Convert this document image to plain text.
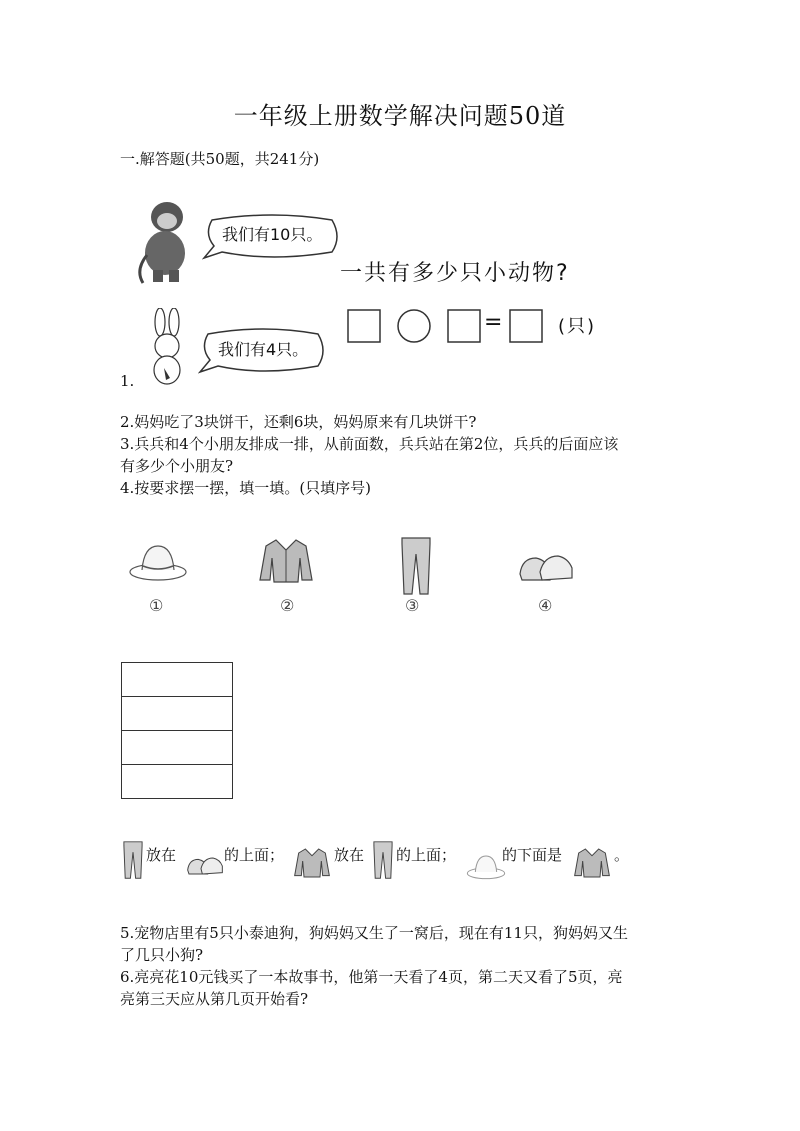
一年级上册数学解决问题50道
一.解答题(共50题，共241分)
我们有10只。
我们有4只。
一共有多少只小动物?
=	(只)
1.
2.妈妈吃了3块饼干，还剩6块，妈妈原来有几块饼干?
3.兵兵和4个小朋友排成一排，从前面数，兵兵站在第2位，兵兵的后面应该
有多少个小朋友?
4.按要求摆一摆，填一填。(只填序号)
①	②	③	④
放在	的上面；	放在 的上面；	的下面是	。
5.宠物店里有5只小泰迪狗，狗妈妈又生了一窝后，现在有11只，狗妈妈又生
了几只小狗?
6.亮亮花10元钱买了一本故事书，他第一天看了4页，第二天又看了5页，亮
亮第三天应从第几页开始看?
